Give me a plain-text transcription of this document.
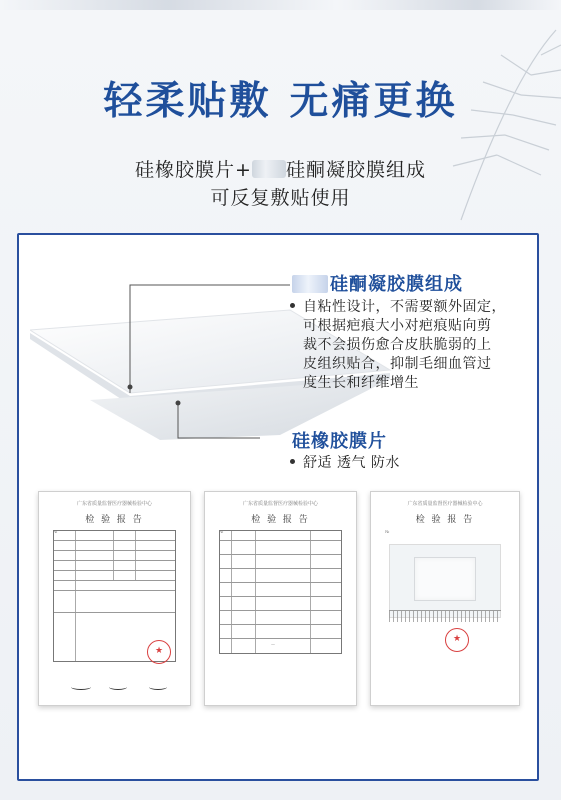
轻柔贴敷 无痛更换
硅橡胶膜片+ 硅酮凝胶膜组成
可反复敷贴使用
硅酮凝胶膜组成
自粘性设计，不需要额外固定，
可根据疤痕大小对疤痕贴向剪
裁不会损伤愈合皮肤脆弱的上
皮组织贴合，抑制毛细血管过
度生长和纤维增生
硅橡胶膜片
舒适 透气 防水
广东省质量监督医疗器械检验中心
检 验 报 告
№
★
广东省质量监督医疗器械检验中心
检 验 报 告
№
—
广东省质量监督医疗器械检验中心
检 验 报 告
№
★
